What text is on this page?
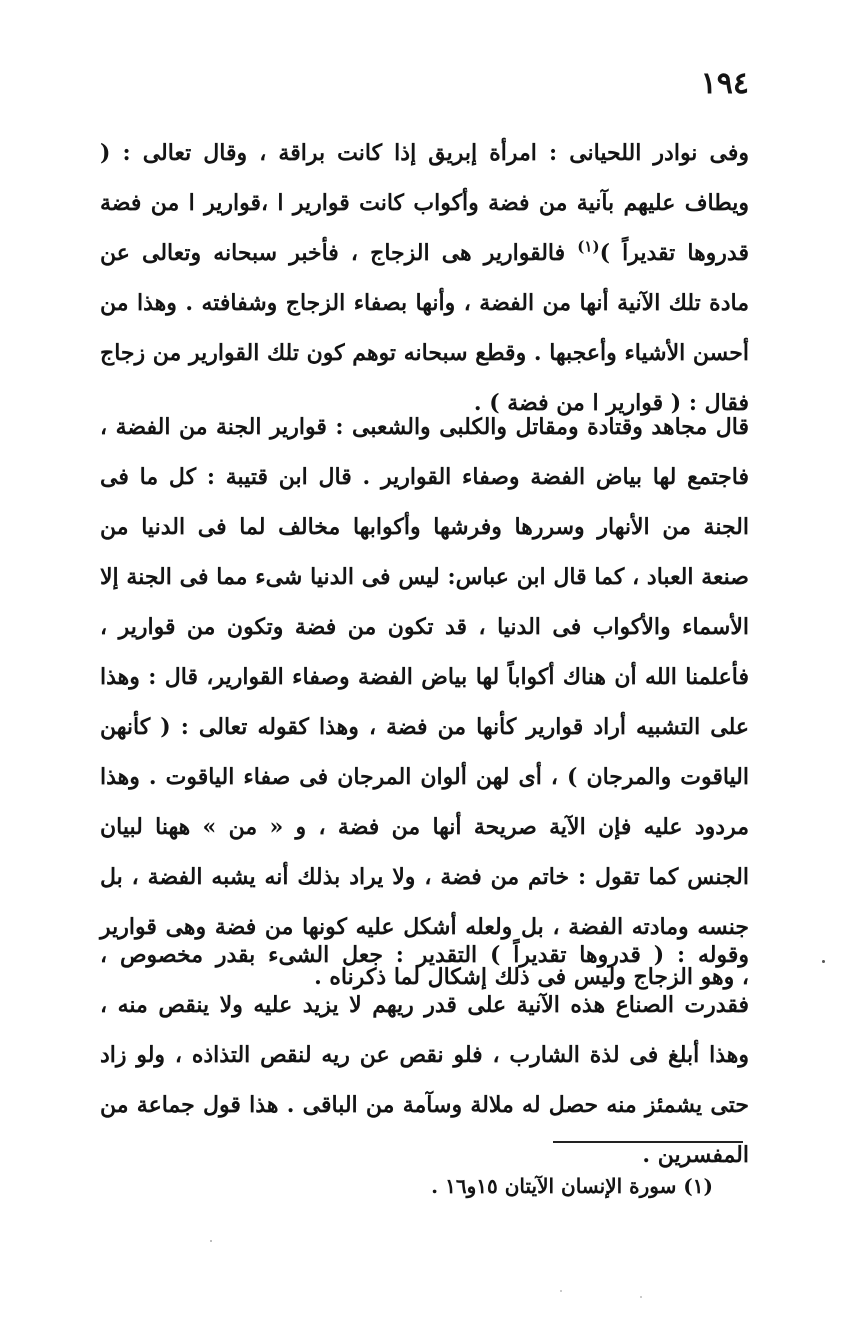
١٩٤
وفى نوادر اللحيانى : امرأة إبريق إذا كانت براقة ، وقال تعالى : ( ويطاف عليهم بآنية من فضة وأكواب كانت قوارير ا ،قوارير ا من فضة قدروها تقديراً )$^{(١)}$ فالقوارير هى الزجاج ، فأخبر سبحانه وتعالى عن مادة تلك الآنية أنها من الفضة ، وأنها بصفاء الزجاج وشفافته . وهذا من أحسن الأشياء وأعجبها . وقطع سبحانه توهم كون تلك القوارير من زجاج فقال : ( قوارير ا من فضة ) .
قال مجاهد وقتادة ومقاتل والكلبى والشعبى : قوارير الجنة من الفضة ، فاجتمع لها بياض الفضة وصفاء القوارير . قال ابن قتيبة : كل ما فى الجنة من الأنهار وسررها وفرشها وأكوابها مخالف لما فى الدنيا من صنعة العباد ، كما قال ابن عباس: ليس فى الدنيا شىء مما فى الجنة إلا الأسماء والأكواب فى الدنيا ، قد تكون من فضة وتكون من قوارير ، فأعلمنا الله أن هناك أكواباً لها بياض الفضة وصفاء القوارير، قال : وهذا على التشبيه أراد قوارير كأنها من فضة ، وهذا كقوله تعالى : ( كأنهن الياقوت والمرجان ) ، أى لهن ألوان المرجان فى صفاء الياقوت . وهذا مردود عليه فإن الآية صريحة أنها من فضة ، و « من » ههنا لبيان الجنس كما تقول : خاتم من فضة ، ولا يراد بذلك أنه يشبه الفضة ، بل جنسه ومادته الفضة ، بل ولعله أشكل عليه كونها من فضة وهى قوارير ، وهو الزجاج وليس فى ذلك إشكال لما ذكرناه .
وقوله : ( قدروها تقديراً ) التقدير : جعل الشىء بقدر مخصوص ، فقدرت الصناع هذه الآنية على قدر ريهم لا يزيد عليه ولا ينقص منه ، وهذا أبلغ فى لذة الشارب ، فلو نقص عن ريه لنقص التذاذه ، ولو زاد حتى يشمئز منه حصل له ملالة وسآمة من الباقى . هذا قول جماعة من المفسرين .
(١) سورة الإنسان الآيتان ١٥و١٦ .
